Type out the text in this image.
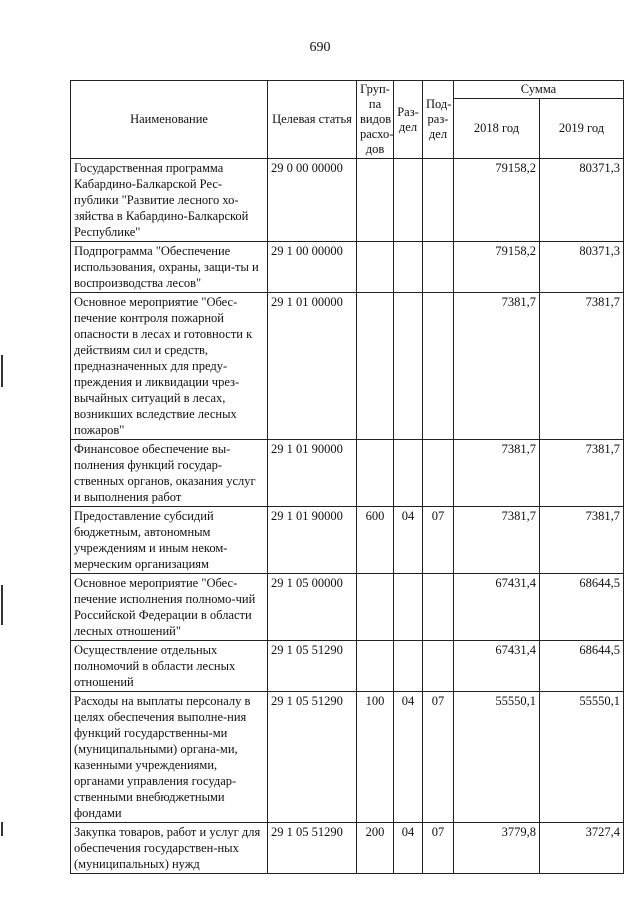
690
Наименование	Целевая статья	Груп-па видов расхо-дов	Раз-дел	Под-раз-дел	Сумма	
					2018 год	2019 год
Государственная программа Кабардино-Балкарской Рес-публики "Развитие лесного хо-зяйства в Кабардино-Балкарской Республике"	29 0 00 00000				79158,2	80371,3
Подпрограмма "Обеспечение использования, охраны, защи-ты и воспроизводства лесов"	29 1 00 00000				79158,2	80371,3
Основное мероприятие "Обес-печение контроля пожарной опасности в лесах и готовности к действиям сил и средств, предназначенных для преду-преждения и ликвидации чрез-вычайных ситуаций в лесах, возникших вследствие лесных пожаров"	29 1 01 00000				7381,7	7381,7
Финансовое обеспечение вы-полнения функций государ-ственных органов, оказания услуг и выполнения работ	29 1 01 90000				7381,7	7381,7
Предоставление субсидий бюджетным, автономным учреждениям и иным неком-мерческим организациям	29 1 01 90000	600	04	07	7381,7	7381,7
Основное мероприятие "Обес-печение исполнения полномо-чий Российской Федерации в области лесных отношений"	29 1 05 00000				67431,4	68644,5
Осуществление отдельных полномочий в области лесных отношений	29 1 05 51290				67431,4	68644,5
Расходы на выплаты персоналу в целях обеспечения выполне-ния функций государственны-ми (муниципальными) органа-ми, казенными учреждениями, органами управления государ-ственными внебюджетными фондами	29 1 05 51290	100	04	07	55550,1	55550,1
Закупка товаров, работ и услуг для обеспечения государствен-ных (муниципальных) нужд	29 1 05 51290	200	04	07	3779,8	3727,4
